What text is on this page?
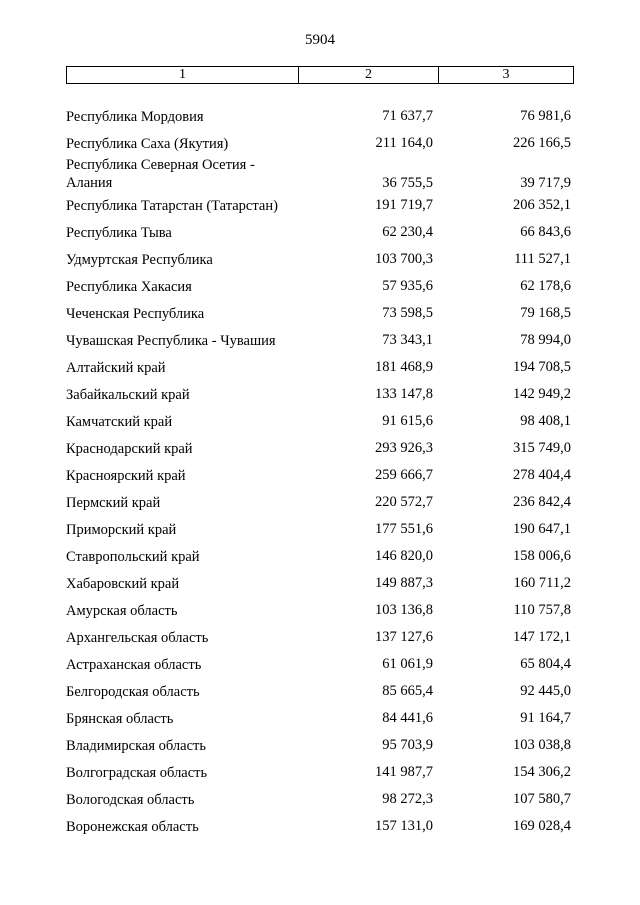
5904
1	2	3
Республика Мордовия	71 637,7	76 981,6
Республика Саха (Якутия)	211 164,0	226 166,5
Республика Северная Осетия - Алания	36 755,5	39 717,9
Республика Татарстан (Татарстан)	191 719,7	206 352,1
Республика Тыва	62 230,4	66 843,6
Удмуртская Республика	103 700,3	111 527,1
Республика Хакасия	57 935,6	62 178,6
Чеченская Республика	73 598,5	79 168,5
Чувашская Республика - Чувашия	73 343,1	78 994,0
Алтайский край	181 468,9	194 708,5
Забайкальский край	133 147,8	142 949,2
Камчатский край	91 615,6	98 408,1
Краснодарский край	293 926,3	315 749,0
Красноярский край	259 666,7	278 404,4
Пермский край	220 572,7	236 842,4
Приморский край	177 551,6	190 647,1
Ставропольский край	146 820,0	158 006,6
Хабаровский край	149 887,3	160 711,2
Амурская область	103 136,8	110 757,8
Архангельская область	137 127,6	147 172,1
Астраханская область	61 061,9	65 804,4
Белгородская область	85 665,4	92 445,0
Брянская область	84 441,6	91 164,7
Владимирская область	95 703,9	103 038,8
Волгоградская область	141 987,7	154 306,2
Вологодская область	98 272,3	107 580,7
Воронежская область	157 131,0	169 028,4
